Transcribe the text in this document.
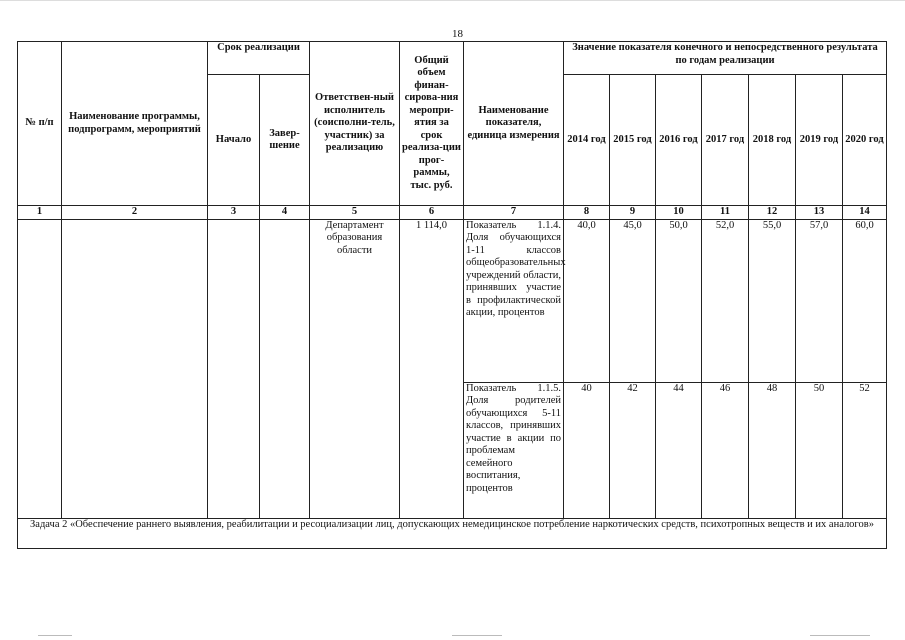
18
№ п/п	Наименование программы, подпрограмм, мероприятий	Срок реализации		Ответствен-ный исполнитель (соисполни-тель, участник) за реализацию	Общий объем финан-сирова-ния меропри-ятия за срок реализа-ции прог-раммы, тыс. руб.	Наименование показателя, единица измерения	Значение показателя конечного и непосредственного результата по годам реализации						
		Начало	Завер-шение				2014 год	2015 год	2016 год	2017 год	2018 год	2019 год	2020 год
1	2	3	4	5	6	7	8	9	10	11	12	13	14
				Департамент образования области	1 114,0	Показатель 1.1.4. Доля обучающихся 1-11 классов общеобразовательных учреждений области, принявших участие в профилактической акции, процентов	40,0	45,0	50,0	52,0	55,0	57,0	60,0
						Показатель 1.1.5. Доля родителей обучающихся 5-11 классов, принявших участие в акции по проблемам семейного воспитания, процентов	40	42	44	46	48	50	52
Задача 2 «Обеспечение раннего выявления, реабилитации и ресоциализации лиц, допускающих немедицинское потребление наркотических средств, психотропных веществ и их аналогов»													
